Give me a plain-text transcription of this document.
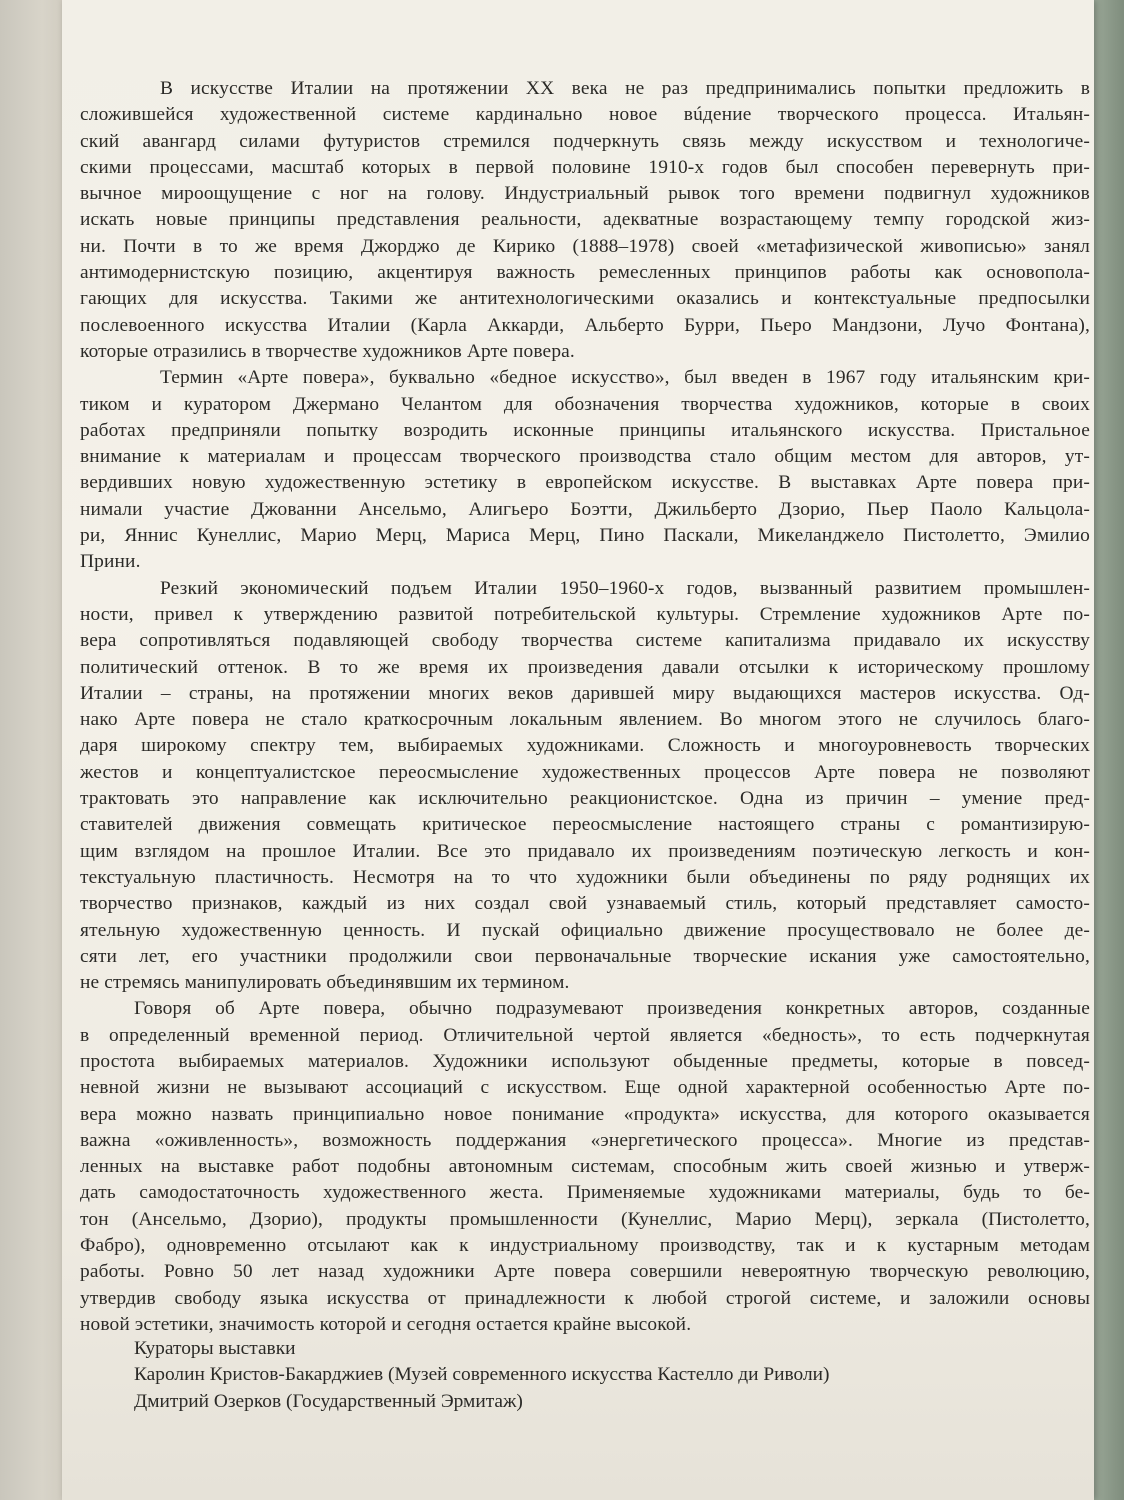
В искусстве Италии на протяжении XX века не раз предпринимались попытки предложить в
сложившейся художественной системе кардинально новое вúдение творческого процесса. Итальян-
ский авангард силами футуристов стремился подчеркнуть связь между искусством и технологиче-
скими процессами, масштаб которых в первой половине 1910-х годов был способен перевернуть при-
вычное мироощущение с ног на голову. Индустриальный рывок того времени подвигнул художников
искать новые принципы представления реальности, адекватные возрастающему темпу городской жиз-
ни. Почти в то же время Джорджо де Кирико (1888–1978) своей «метафизической живописью» занял
антимодернистскую позицию, акцентируя важность ремесленных принципов работы как основопола-
гающих для искусства. Такими же антитехнологическими оказались и контекстуальные предпосылки
послевоенного искусства Италии (Карла Аккарди, Альберто Бурри, Пьеро Мандзони, Лучо Фонтана),
которые отразились в творчестве художников Арте повера.
Термин «Арте повера», буквально «бедное искусство», был введен в 1967 году итальянским кри-
тиком и куратором Джермано Челантом для обозначения творчества художников, которые в своих
работах предприняли попытку возродить исконные принципы итальянского искусства. Пристальное
внимание к материалам и процессам творческого производства стало общим местом для авторов, ут-
вердивших новую художественную эстетику в европейском искусстве. В выставках Арте повера при-
нимали участие Джованни Ансельмо, Алигьеро Боэтти, Джильберто Дзорио, Пьер Паоло Кальцола-
ри, Яннис Кунеллис, Марио Мерц, Мариса Мерц, Пино Паскали, Микеланджело Пистолетто, Эмилио
Прини.
Резкий экономический подъем Италии 1950–1960-х годов, вызванный развитием промышлен-
ности, привел к утверждению развитой потребительской культуры. Стремление художников Арте по-
вера сопротивляться подавляющей свободу творчества системе капитализма придавало их искусству
политический оттенок. В то же время их произведения давали отсылки к историческому прошлому
Италии – страны, на протяжении многих веков дарившей миру выдающихся мастеров искусства. Од-
нако Арте повера не стало краткосрочным локальным явлением. Во многом этого не случилось благо-
даря широкому спектру тем, выбираемых художниками. Сложность и многоуровневость творческих
жестов и концептуалистское переосмысление художественных процессов Арте повера не позволяют
трактовать это направление как исключительно реакционистское. Одна из причин – умение пред-
ставителей движения совмещать критическое переосмысление настоящего страны с романтизирую-
щим взглядом на прошлое Италии. Все это придавало их произведениям поэтическую легкость и кон-
текстуальную пластичность. Несмотря на то что художники были объединены по ряду роднящих их
творчество признаков, каждый из них создал свой узнаваемый стиль, который представляет самосто-
ятельную художественную ценность. И пускай официально движение просуществовало не более де-
сяти лет, его участники продолжили свои первоначальные творческие искания уже самостоятельно,
не стремясь манипулировать объединявшим их термином.
Говоря об Арте повера, обычно подразумевают произведения конкретных авторов, созданные
в определенный временной период. Отличительной чертой является «бедность», то есть подчеркнутая
простота выбираемых материалов. Художники используют обыденные предметы, которые в повсед-
невной жизни не вызывают ассоциаций с искусством. Еще одной характерной особенностью Арте по-
вера можно назвать принципиально новое понимание «продукта» искусства, для которого оказывается
важна «оживленность», возможность поддержания «энергетического процесса». Многие из представ-
ленных на выставке работ подобны автономным системам, способным жить своей жизнью и утверж-
дать самодостаточность художественного жеста. Применяемые художниками материалы, будь то бе-
тон (Ансельмо, Дзорио), продукты промышленности (Кунеллис, Марио Мерц), зеркала (Пистолетто,
Фабро), одновременно отсылают как к индустриальному производству, так и к кустарным методам
работы. Ровно 50 лет назад художники Арте повера совершили невероятную творческую революцию,
утвердив свободу языка искусства от принадлежности к любой строгой системе, и заложили основы
новой эстетики, значимость которой и сегодня остается крайне высокой.
Кураторы выставки
Каролин Кристов-Бакарджиев (Музей современного искусства Кастелло ди Риволи)
Дмитрий Озерков (Государственный Эрмитаж)
